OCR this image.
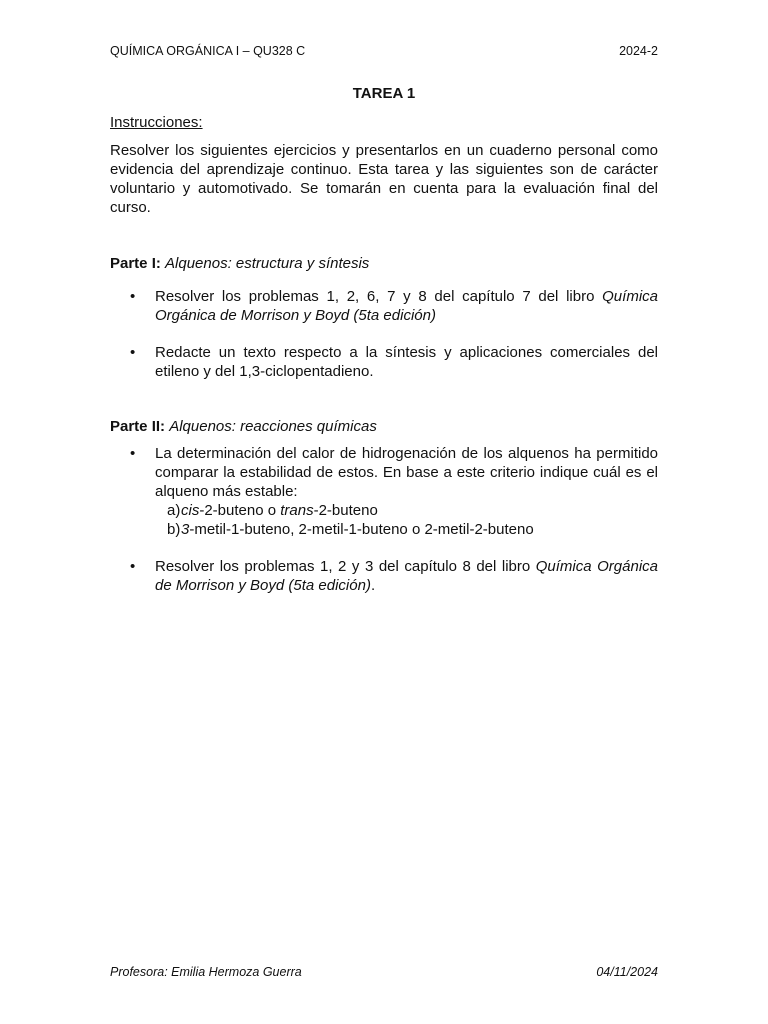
QUÍMICA ORGÁNICA I – QU328 C	2024-2
TAREA 1

Instrucciones:

Resolver los siguientes ejercicios y presentarlos en un cuaderno personal como evidencia del aprendizaje continuo. Esta tarea y las siguientes son de carácter voluntario y automotivado. Se tomarán en cuenta para la evaluación final del curso.

Parte I: Alquenos: estructura y síntesis

• Resolver los problemas 1, 2, 6, 7 y 8 del capítulo 7 del libro Química Orgánica de Morrison y Boyd (5ta edición)
• Redacte un texto respecto a la síntesis y aplicaciones comerciales del etileno y del 1,3-ciclopentadieno.

Parte II: Alquenos: reacciones químicas

• La determinación del calor de hidrogenación de los alquenos ha permitido comparar la estabilidad de estos. En base a este criterio indique cuál es el alqueno más estable:
a) cis-2-buteno o trans-2-buteno
b) 3-metil-1-buteno, 2-metil-1-buteno o 2-metil-2-buteno
• Resolver los problemas 1, 2 y 3 del capítulo 8 del libro Química Orgánica de Morrison y Boyd (5ta edición).
Profesora: Emilia Hermoza Guerra	04/11/2024
